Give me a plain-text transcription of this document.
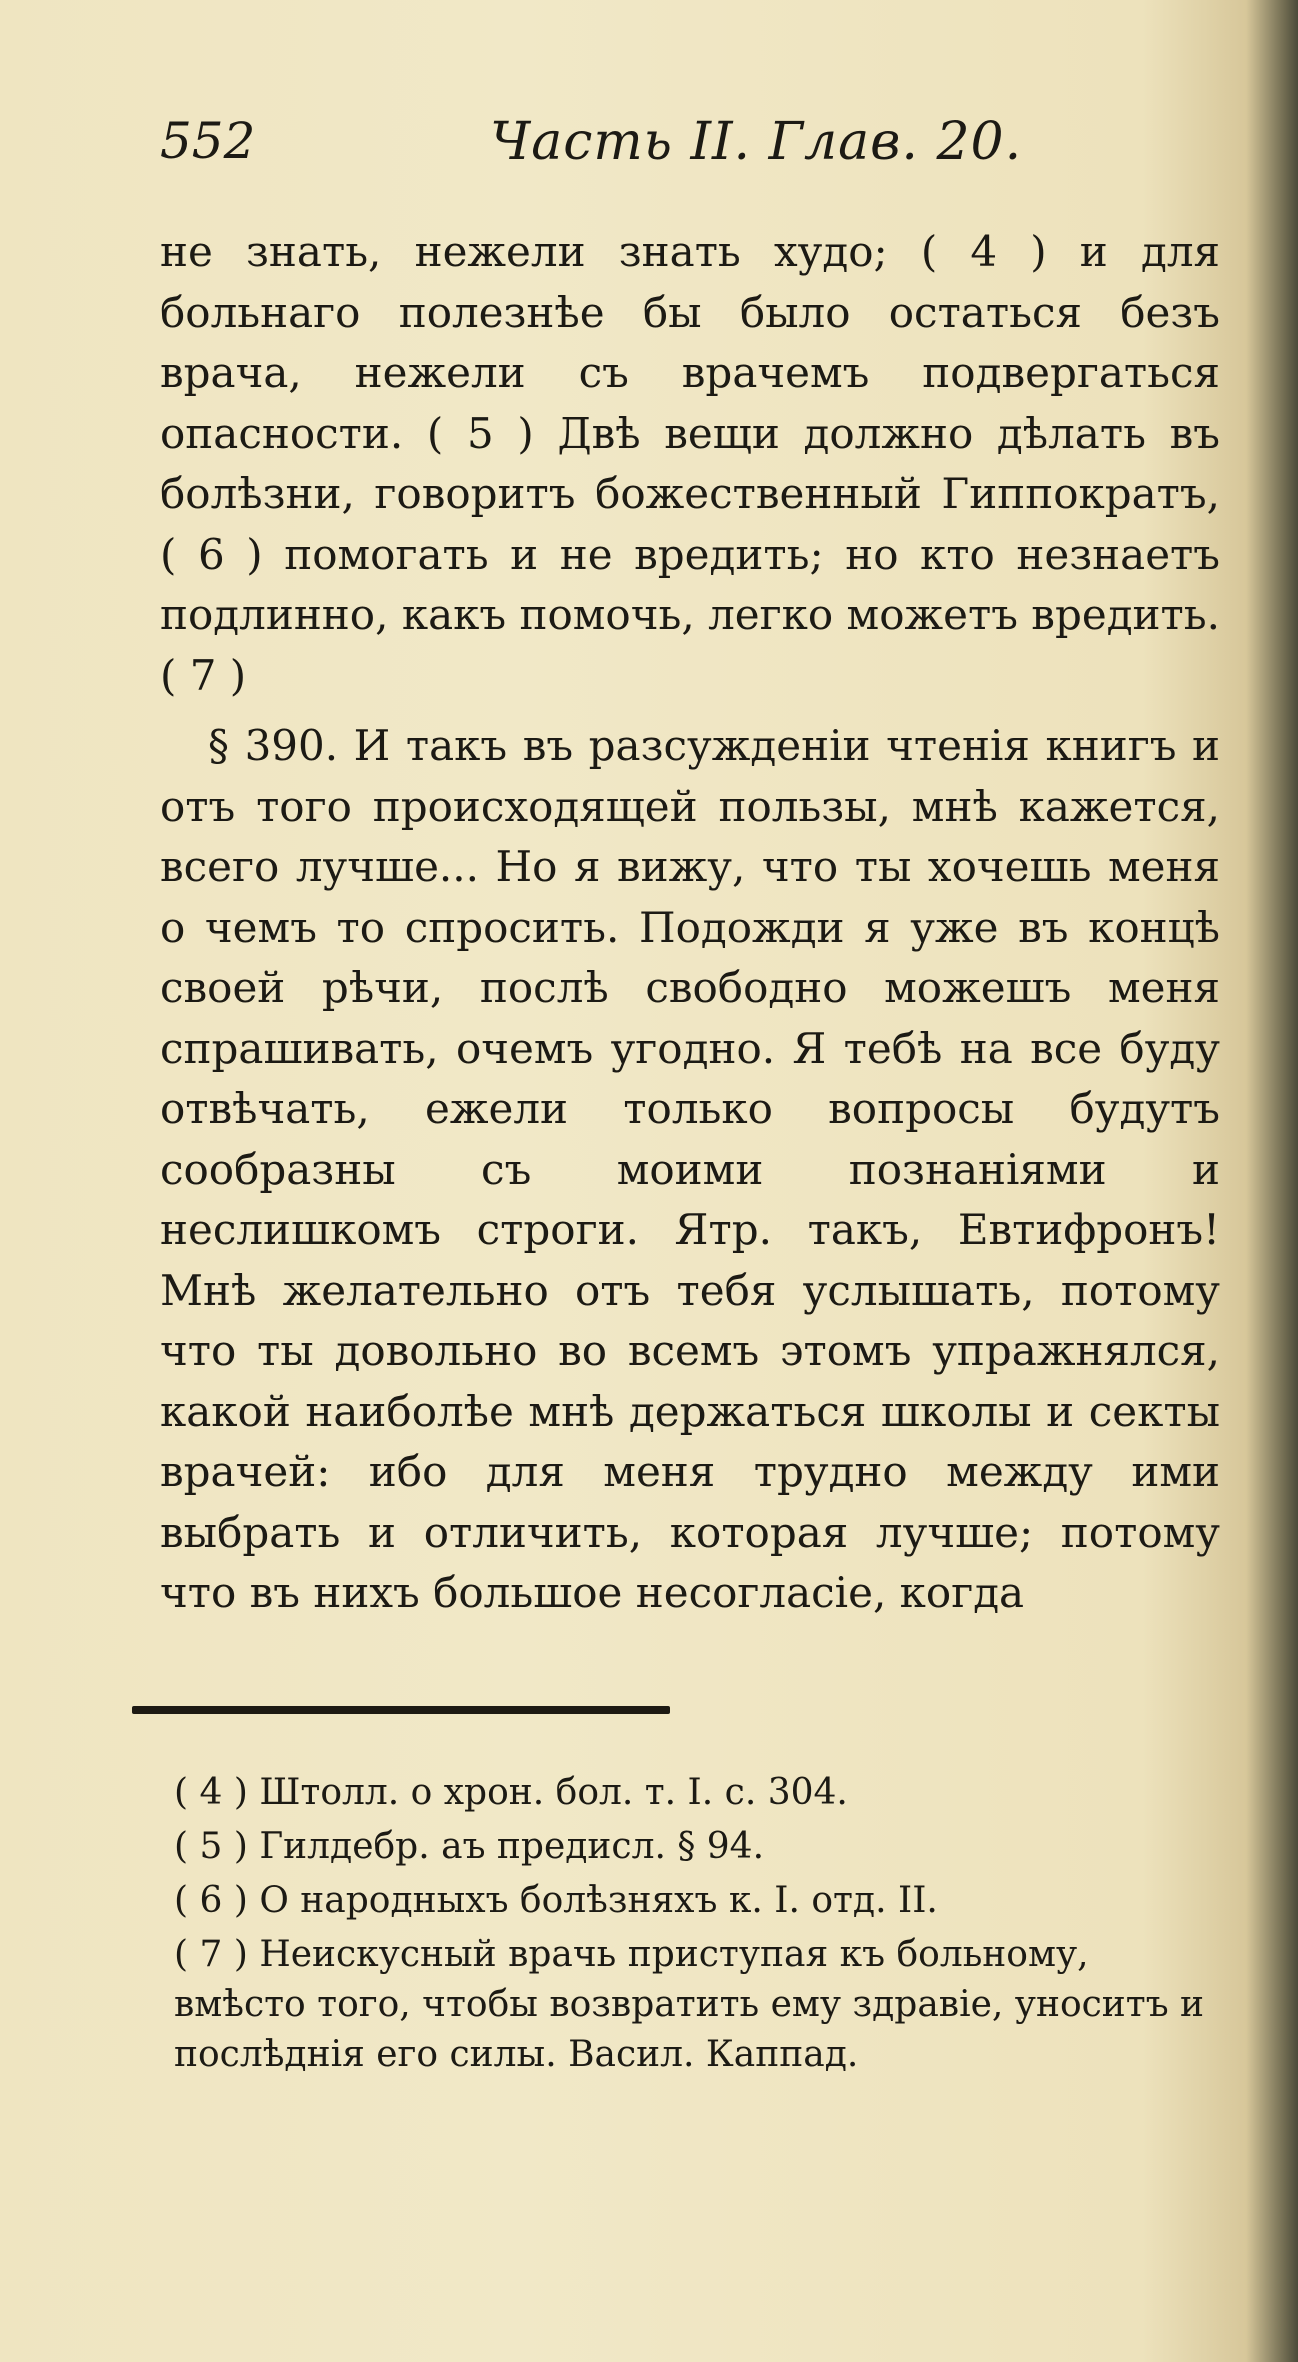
552	Часть II. Глав. 20.

не знать, нежели знать худо; ( 4 ) и для больнаго полезнѣе бы было остаться безъ врача, нежели съ врачемъ подвергаться опасности. ( 5 ) Двѣ вещи должно дѣлать въ болѣзни, говоритъ божественный Гиппократъ, ( 6 ) помогать и не вредить; но кто незнаетъ подлинно, какъ помочь, легко можетъ вредить. ( 7 )

§ 390. И такъ въ разсужденіи чтенія книгъ и отъ того происходящей пользы, мнѣ кажется, всего лучше... Но я вижу, что ты хочешь меня о чемъ то спросить. Подожди я уже въ концѣ своей рѣчи, послѣ свободно можешъ меня спрашивать, очемъ угодно. Я тебѣ на все буду отвѣчать, ежели только вопросы будутъ сообразны съ моими познаніями и неслишкомъ строги. Ятр. такъ, Евтифронъ! Мнѣ желательно отъ тебя услышать, потому что ты довольно во всемъ этомъ упражнялся, какой наиболѣе мнѣ держаться школы и секты врачей: ибо для меня трудно между ими выбрать и отличить, которая лучше; потому что въ нихъ большое несогласіе, когда

( 4 ) Штолл. о хрон. бол. т. I. с. 304.

( 5 ) Гилдебр. аъ предисл. § 94.

( 6 ) О народныхъ болѣзняхъ к. I. отд. II.

( 7 ) Неискусный врачь приступая къ больному, вмѣсто того, чтобы возвратить ему здравіе, уноситъ и послѣднія его силы. Васил. Каппад.
